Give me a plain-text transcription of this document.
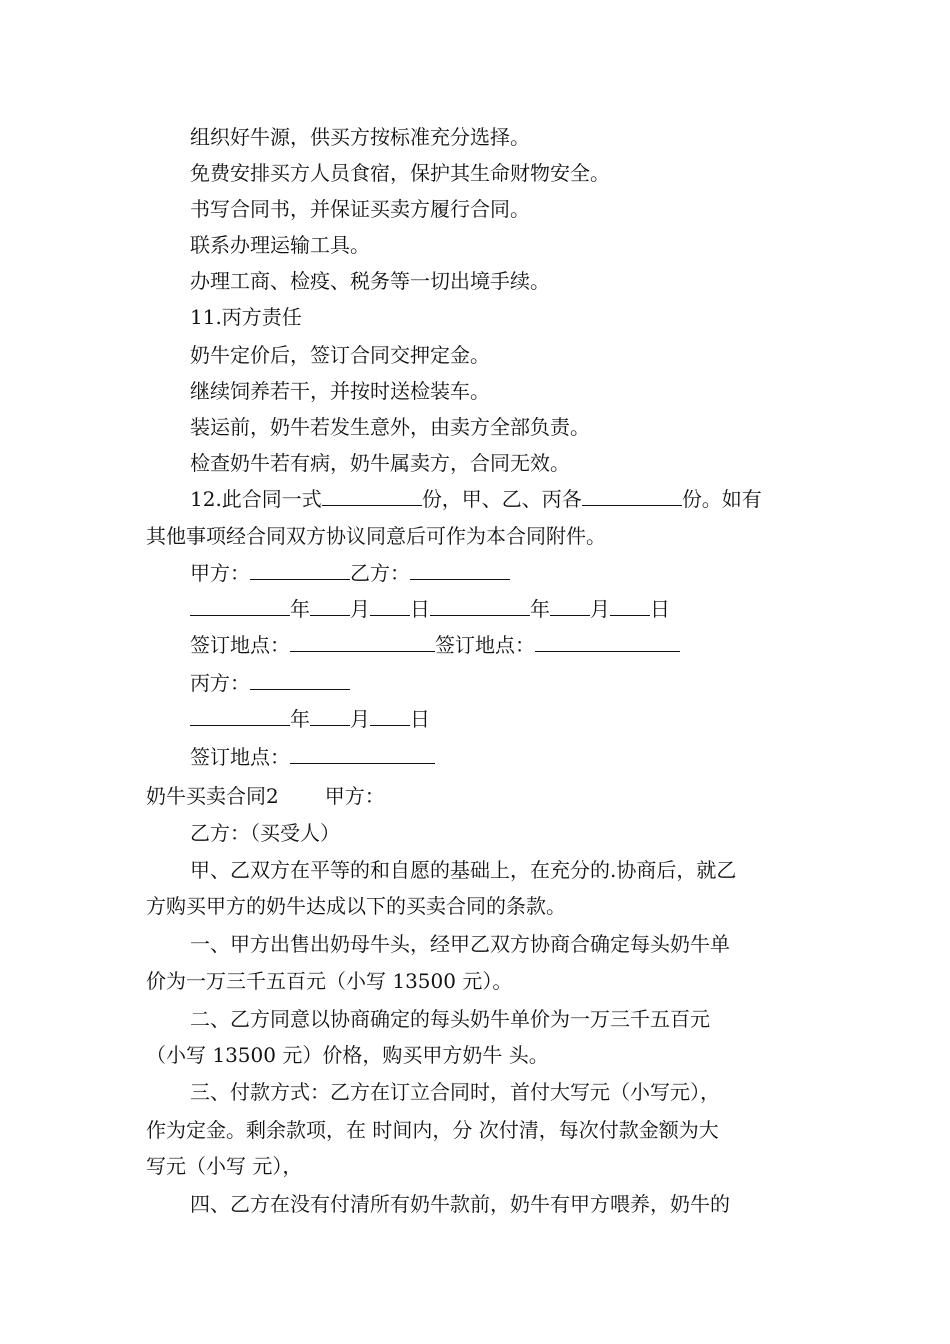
组织好牛源，供买方按标准充分选择。
免费安排买方人员食宿，保护其生命财物安全。
书写合同书，并保证买卖方履行合同。
联系办理运输工具。
办理工商、检疫、税务等一切出境手续。
11.丙方责任
奶牛定价后，签订合同交押定金。
继续饲养若干，并按时送检装车。
装运前，奶牛若发生意外，由卖方全部负责。
检查奶牛若有病，奶牛属卖方，合同无效。
12.此合同一式	份，甲、乙、丙各	份。如有
其他事项经合同双方协议同意后可作为本合同附件。
甲方：	乙方：
年 月 日	年 月 日
签订地点：	签订地点：
丙方：
年 月 日
签订地点：
奶牛买卖合同2 甲方：
乙方：（买受人）
甲、乙双方在平等的和自愿的基础上，在充分的.协商后，就乙
方购买甲方的奶牛达成以下的买卖合同的条款。
一、甲方出售出奶母牛头，经甲乙双方协商合确定每头奶牛单
价为一万三千五百元（小写 13500 元）。
二、乙方同意以协商确定的每头奶牛单价为一万三千五百元
（小写 13500 元）价格，购买甲方奶牛 头。
三、付款方式：乙方在订立合同时，首付大写元（小写元），
作为定金。剩余款项，在 时间内，分 次付清，每次付款金额为大
写元（小写 元），
四、乙方在没有付清所有奶牛款前，奶牛有甲方喂养，奶牛的
